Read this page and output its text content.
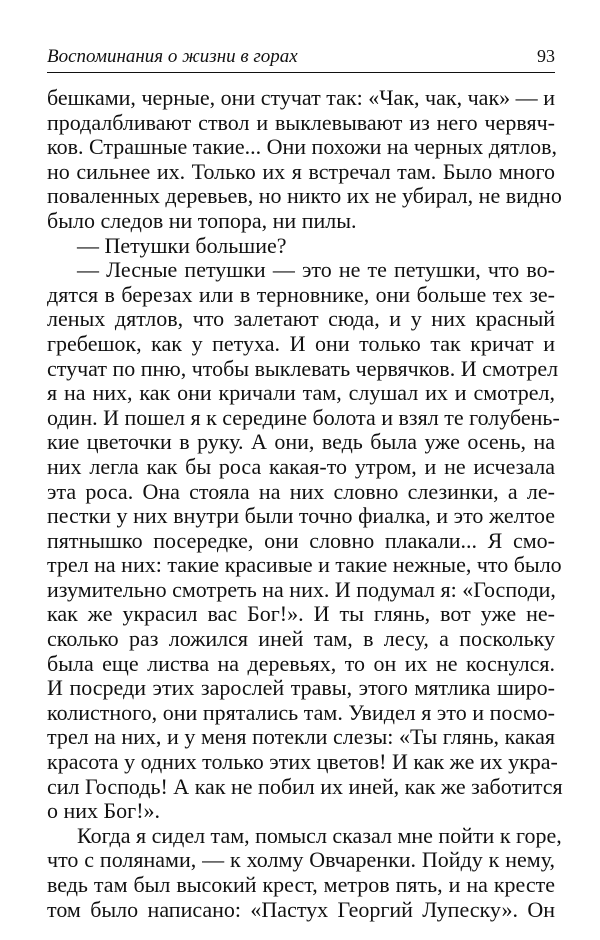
Воспоминания о жизни в горах	93
бешками, черные, они стучат так: «Чак, чак, чак» — и
продалбливают ствол и выклевывают из него червяч-
ков. Страшные такие... Они похожи на черных дятлов,
но сильнее их. Только их я встречал там. Было много
поваленных деревьев, но никто их не убирал, не видно
было следов ни топора, ни пилы.
— Петушки большие?
— Лесные петушки — это не те петушки, что во-
дятся в березах или в терновнике, они больше тех зе-
леных дятлов, что залетают сюда, и у них красный
гребешок, как у петуха. И они только так кричат и
стучат по пню, чтобы выклевать червячков. И смотрел
я на них, как они кричали там, слушал их и смотрел,
один. И пошел я к середине болота и взял те голубень-
кие цветочки в руку. А они, ведь была уже осень, на
них легла как бы роса какая-то утром, и не исчезала
эта роса. Она стояла на них словно слезинки, а ле-
пестки у них внутри были точно фиалка, и это желтое
пятнышко посередке, они словно плакали... Я смо-
трел на них: такие красивые и такие нежные, что было
изумительно смотреть на них. И подумал я: «Господи,
как же украсил вас Бог!». И ты глянь, вот уже не-
сколько раз ложился иней там, в лесу, а поскольку
была еще листва на деревьях, то он их не коснулся.
И посреди этих зарослей травы, этого мятлика широ-
колистного, они прятались там. Увидел я это и посмо-
трел на них, и у меня потекли слезы: «Ты глянь, какая
красота у одних только этих цветов! И как же их укра-
сил Господь! А как не побил их иней, как же заботится
о них Бог!».
Когда я сидел там, помысл сказал мне пойти к горе,
что с полянами, — к холму Овчаренки. Пойду к нему,
ведь там был высокий крест, метров пять, и на кресте
том было написано: «Пастух Георгий Лупеску». Он
